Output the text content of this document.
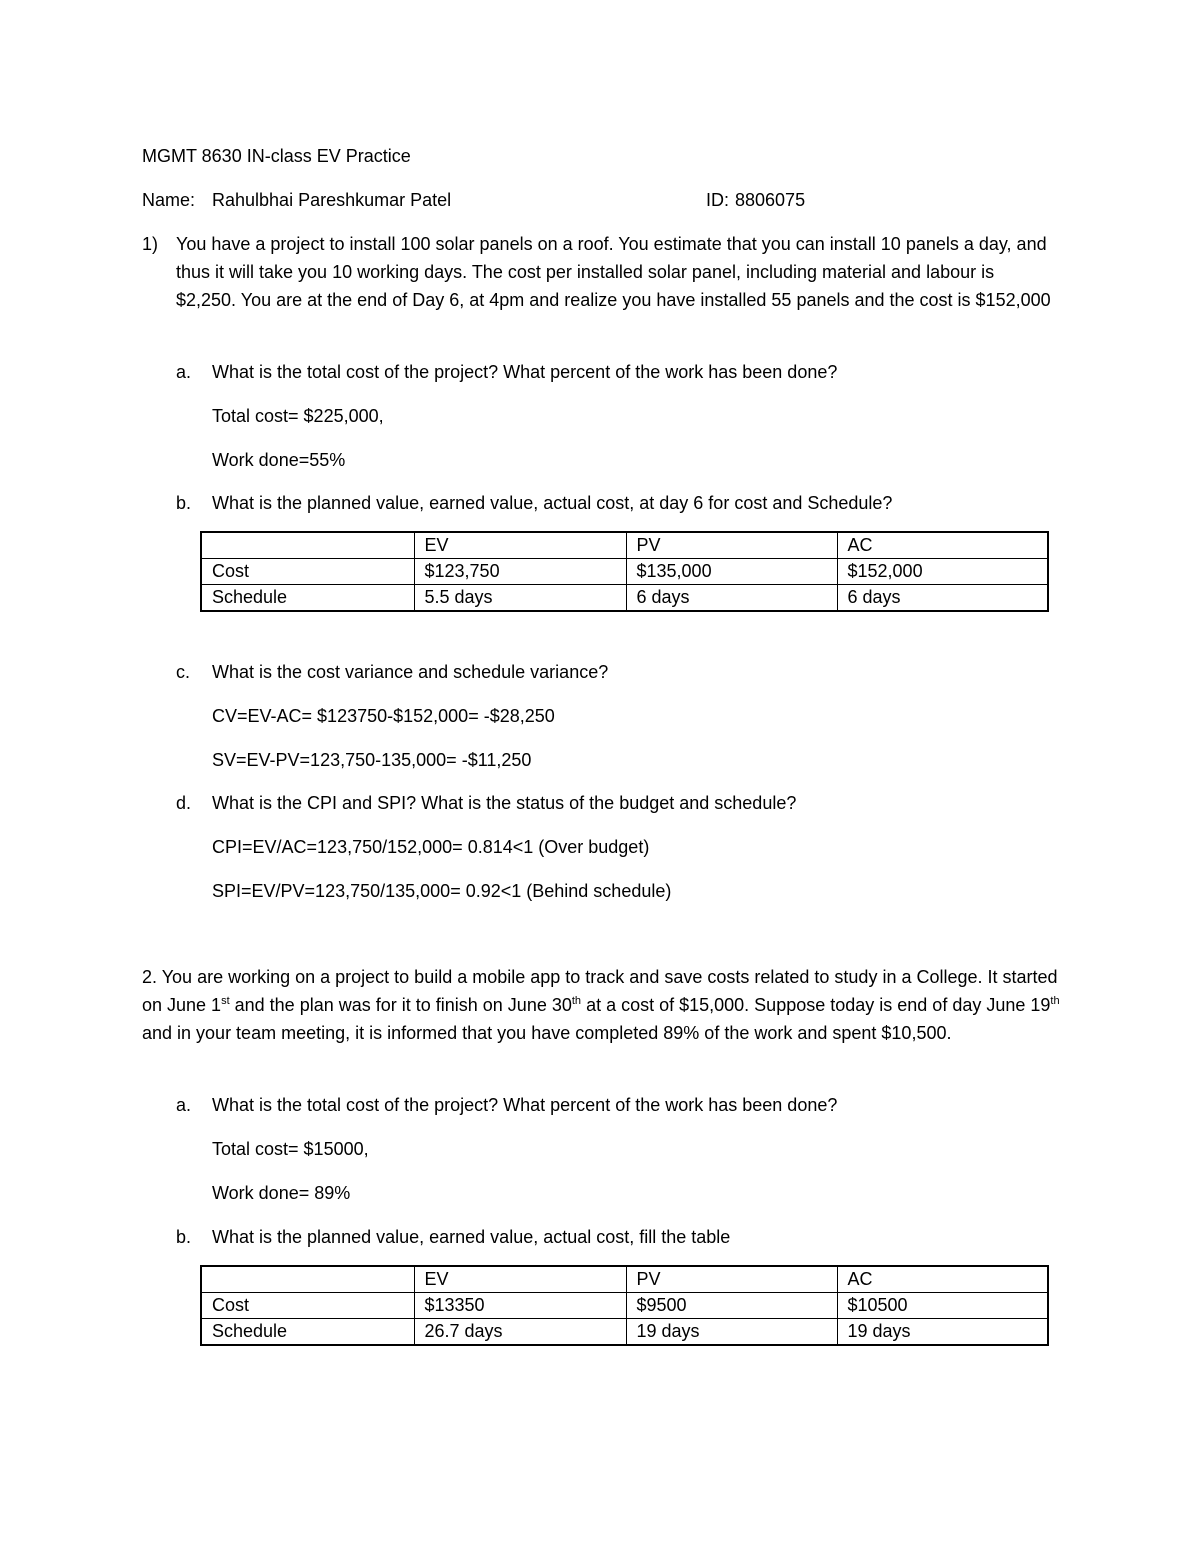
MGMT 8630 IN-class EV Practice
Name: Rahulbhai Pareshkumar Patel	ID: 8806075
1) You have a project to install 100 solar panels on a roof. You estimate that you can install 10 panels a day, and thus it will take you 10 working days. The cost per installed solar panel, including material and labour is $2,250. You are at the end of Day 6, at 4pm and realize you have installed 55 panels and the cost is $152,000
a. What is the total cost of the project? What percent of the work has been done?
Total cost= $225,000,
Work done=55%
b. What is the planned value, earned value, actual cost, at day 6 for cost and Schedule?
	EV	PV	AC
Cost	$123,750	$135,000	$152,000
Schedule	5.5 days	6 days	6 days
c. What is the cost variance and schedule variance?
CV=EV-AC= $123750-$152,000= -$28,250
SV=EV-PV=123,750-135,000= -$11,250
d. What is the CPI and SPI? What is the status of the budget and schedule?
CPI=EV/AC=123,750/152,000= 0.814<1 (Over budget)
SPI=EV/PV=123,750/135,000= 0.92<1 (Behind schedule)
2. You are working on a project to build a mobile app to track and save costs related to study in a College. It started on June 1st and the plan was for it to finish on June 30th at a cost of $15,000. Suppose today is end of day June 19th and in your team meeting, it is informed that you have completed 89% of the work and spent $10,500.
a. What is the total cost of the project? What percent of the work has been done?
Total cost= $15000,
Work done= 89%
b. What is the planned value, earned value, actual cost, fill the table
	EV	PV	AC
Cost	$13350	$9500	$10500
Schedule	26.7 days	19 days	19 days
